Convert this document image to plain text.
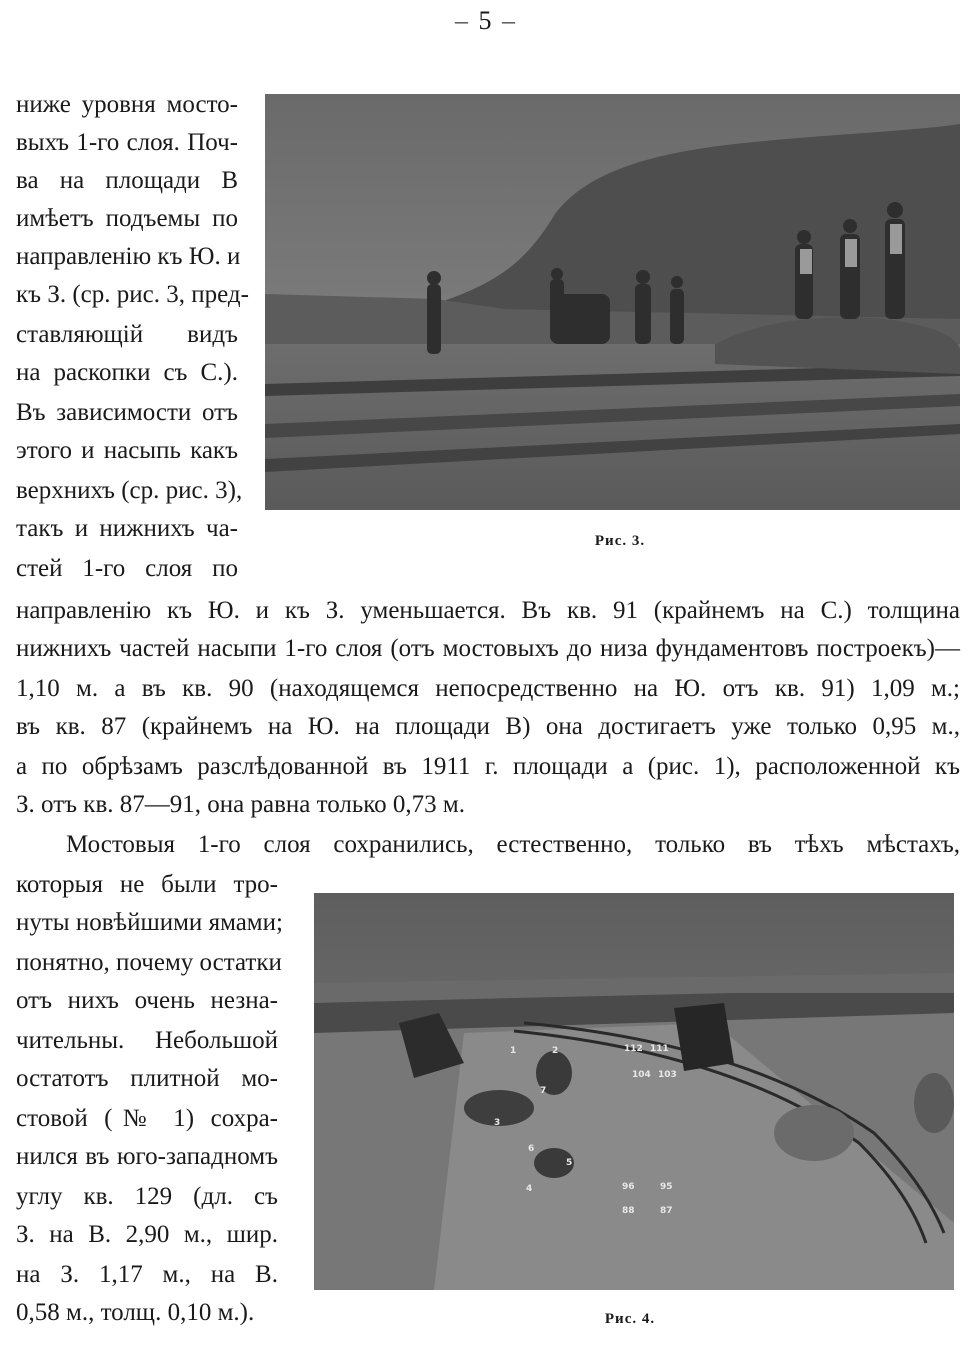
– 5 –
ниже уровня мосто-
выхъ 1-го слоя. Поч-
ва на площади В
имѣетъ подъемы по
направленію къ Ю. и
къ З. (ср. рис. 3, пред-
ставляющій видъ
на раскопки съ С.).
Въ зависимости отъ
этого и насыпь какъ
верхнихъ (ср. рис. 3),
такъ и нижнихъ ча-
стей 1-го слоя по
Рис. 3.
направленію къ Ю. и къ З. уменьшается. Въ кв. 91 (крайнемъ на С.) толщина
нижнихъ частей насыпи 1-го слоя (отъ мостовыхъ до низа фундаментовъ построекъ)—
1,10 м. а въ кв. 90 (находящемся непосредственно на Ю. отъ кв. 91) 1,09 м.;
въ кв. 87 (крайнемъ на Ю. на площади В) она достигаетъ уже только 0,95 м.,
а по обрѣзамъ разслѣдованной въ 1911 г. площади а (рис. 1), расположенной къ
З. отъ кв. 87—91, она равна только 0,73 м.
Мостовыя 1-го слоя сохранились, естественно, только въ тѣхъ мѣстахъ,
которыя не были тро-
нуты новѣйшими ямами;
понятно, почему остатки
отъ нихъ очень незна-
чительны. Небольшой
остатотъ плитной мо-
стовой (№ 1) сохра-
нился въ юго-западномъ
углу кв. 129 (дл. съ
З. на В. 2,90 м., шир.
на З. 1,17 м., на В.
0,58 м., толщ. 0,10 м.).
1	2
3
4
5
6
7
112 111
104 103
96	95
88	87
Рис. 4.
